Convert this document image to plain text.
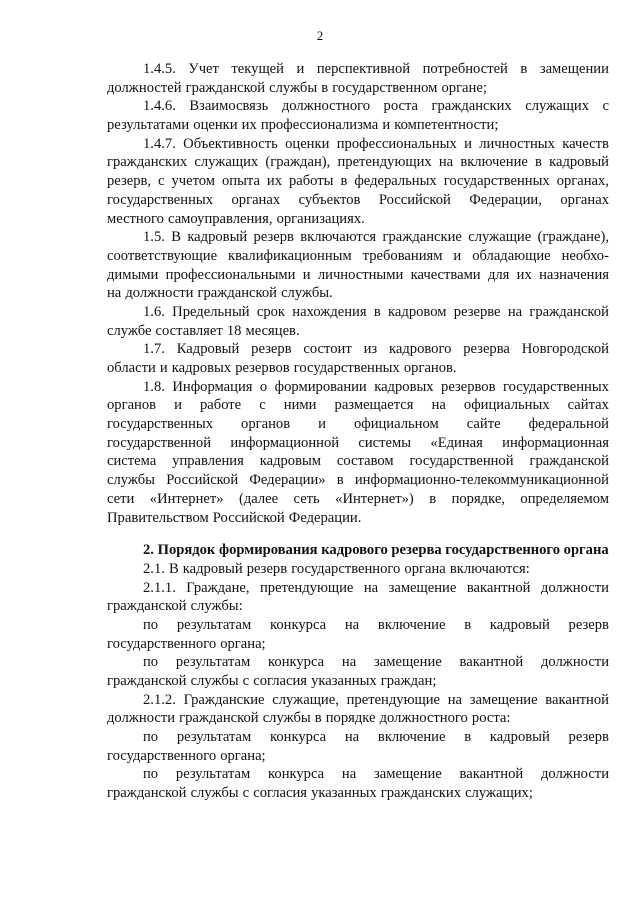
2
1.4.5. Учет текущей и перспективной потребностей в замещении
должностей гражданской службы в государственном органе;
1.4.6. Взаимосвязь должностного роста гражданских служащих с
результатами оценки их профессионализма и компетентности;
1.4.7. Объективность оценки профессиональных и личностных качеств
гражданских служащих (граждан), претендующих на включение в кадровый
резерв, с учетом опыта их работы в федеральных государственных органах,
государственных органах субъектов Российской Федерации, органах
местного самоуправления, организациях.
1.5. В кадровый резерв включаются гражданские служащие (граждане),
соответствующие квалификационным требованиям и обладающие необхо-
димыми профессиональными и личностными качествами для их назначения
на должности гражданской службы.
1.6. Предельный срок нахождения в кадровом резерве на гражданской
службе составляет 18 месяцев.
1.7. Кадровый резерв состоит из кадрового резерва Новгородской
области и кадровых резервов государственных органов.
1.8. Информация о формировании кадровых резервов государственных
органов и работе с ними размещается на официальных сайтах
государственных органов и официальном сайте федеральной
государственной информационной системы «Единая информационная
система управления кадровым составом государственной гражданской
службы Российской Федерации» в информационно-телекоммуникационной
сети «Интернет» (далее сеть «Интернет») в порядке, определяемом
Правительством Российской Федерации.
2. Порядок формирования кадрового резерва государственного органа
2.1. В кадровый резерв государственного органа включаются:
2.1.1. Граждане, претендующие на замещение вакантной должности
гражданской службы:
по результатам конкурса на включение в кадровый резерв
государственного органа;
по результатам конкурса на замещение вакантной должности
гражданской службы с согласия указанных граждан;
2.1.2. Гражданские служащие, претендующие на замещение вакантной
должности гражданской службы в порядке должностного роста:
по результатам конкурса на включение в кадровый резерв
государственного органа;
по результатам конкурса на замещение вакантной должности
гражданской службы с согласия указанных гражданских служащих;
